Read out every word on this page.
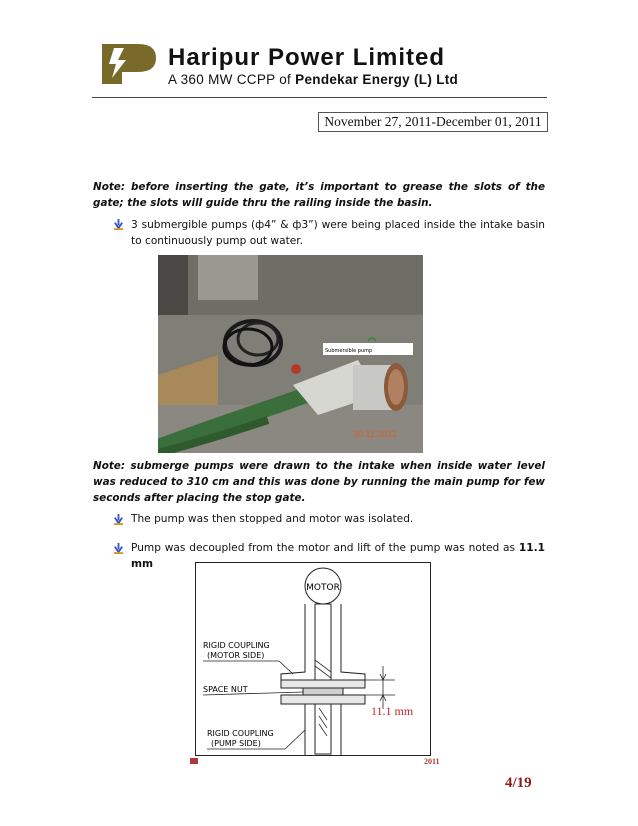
Haripur Power Limited
A 360 MW CCPP of Pendekar Energy (L) Ltd
November 27, 2011-December 01, 2011
Note: before inserting the gate, it’s important to grease the slots of the gate; the slots will guide thru the railing inside the basin.
3 submergible pumps (ф4” & ф3”) were being placed inside the intake basin to continuously pump out water.
Submersible pump
30.11.2011
Note: submerge pumps were drawn to the intake when inside water level was reduced to 310 cm and this was done by running the main pump for few seconds after placing the stop gate.
The pump was then stopped and motor was isolated.
Pump was decoupled from the motor and lift of the pump was noted as 11.1 mm
MOTOR
11.1 mm
RIGID COUPLING
(MOTOR SIDE)
SPACE NUT
RIGID COUPLING
(PUMP SIDE)
2011
4/19
